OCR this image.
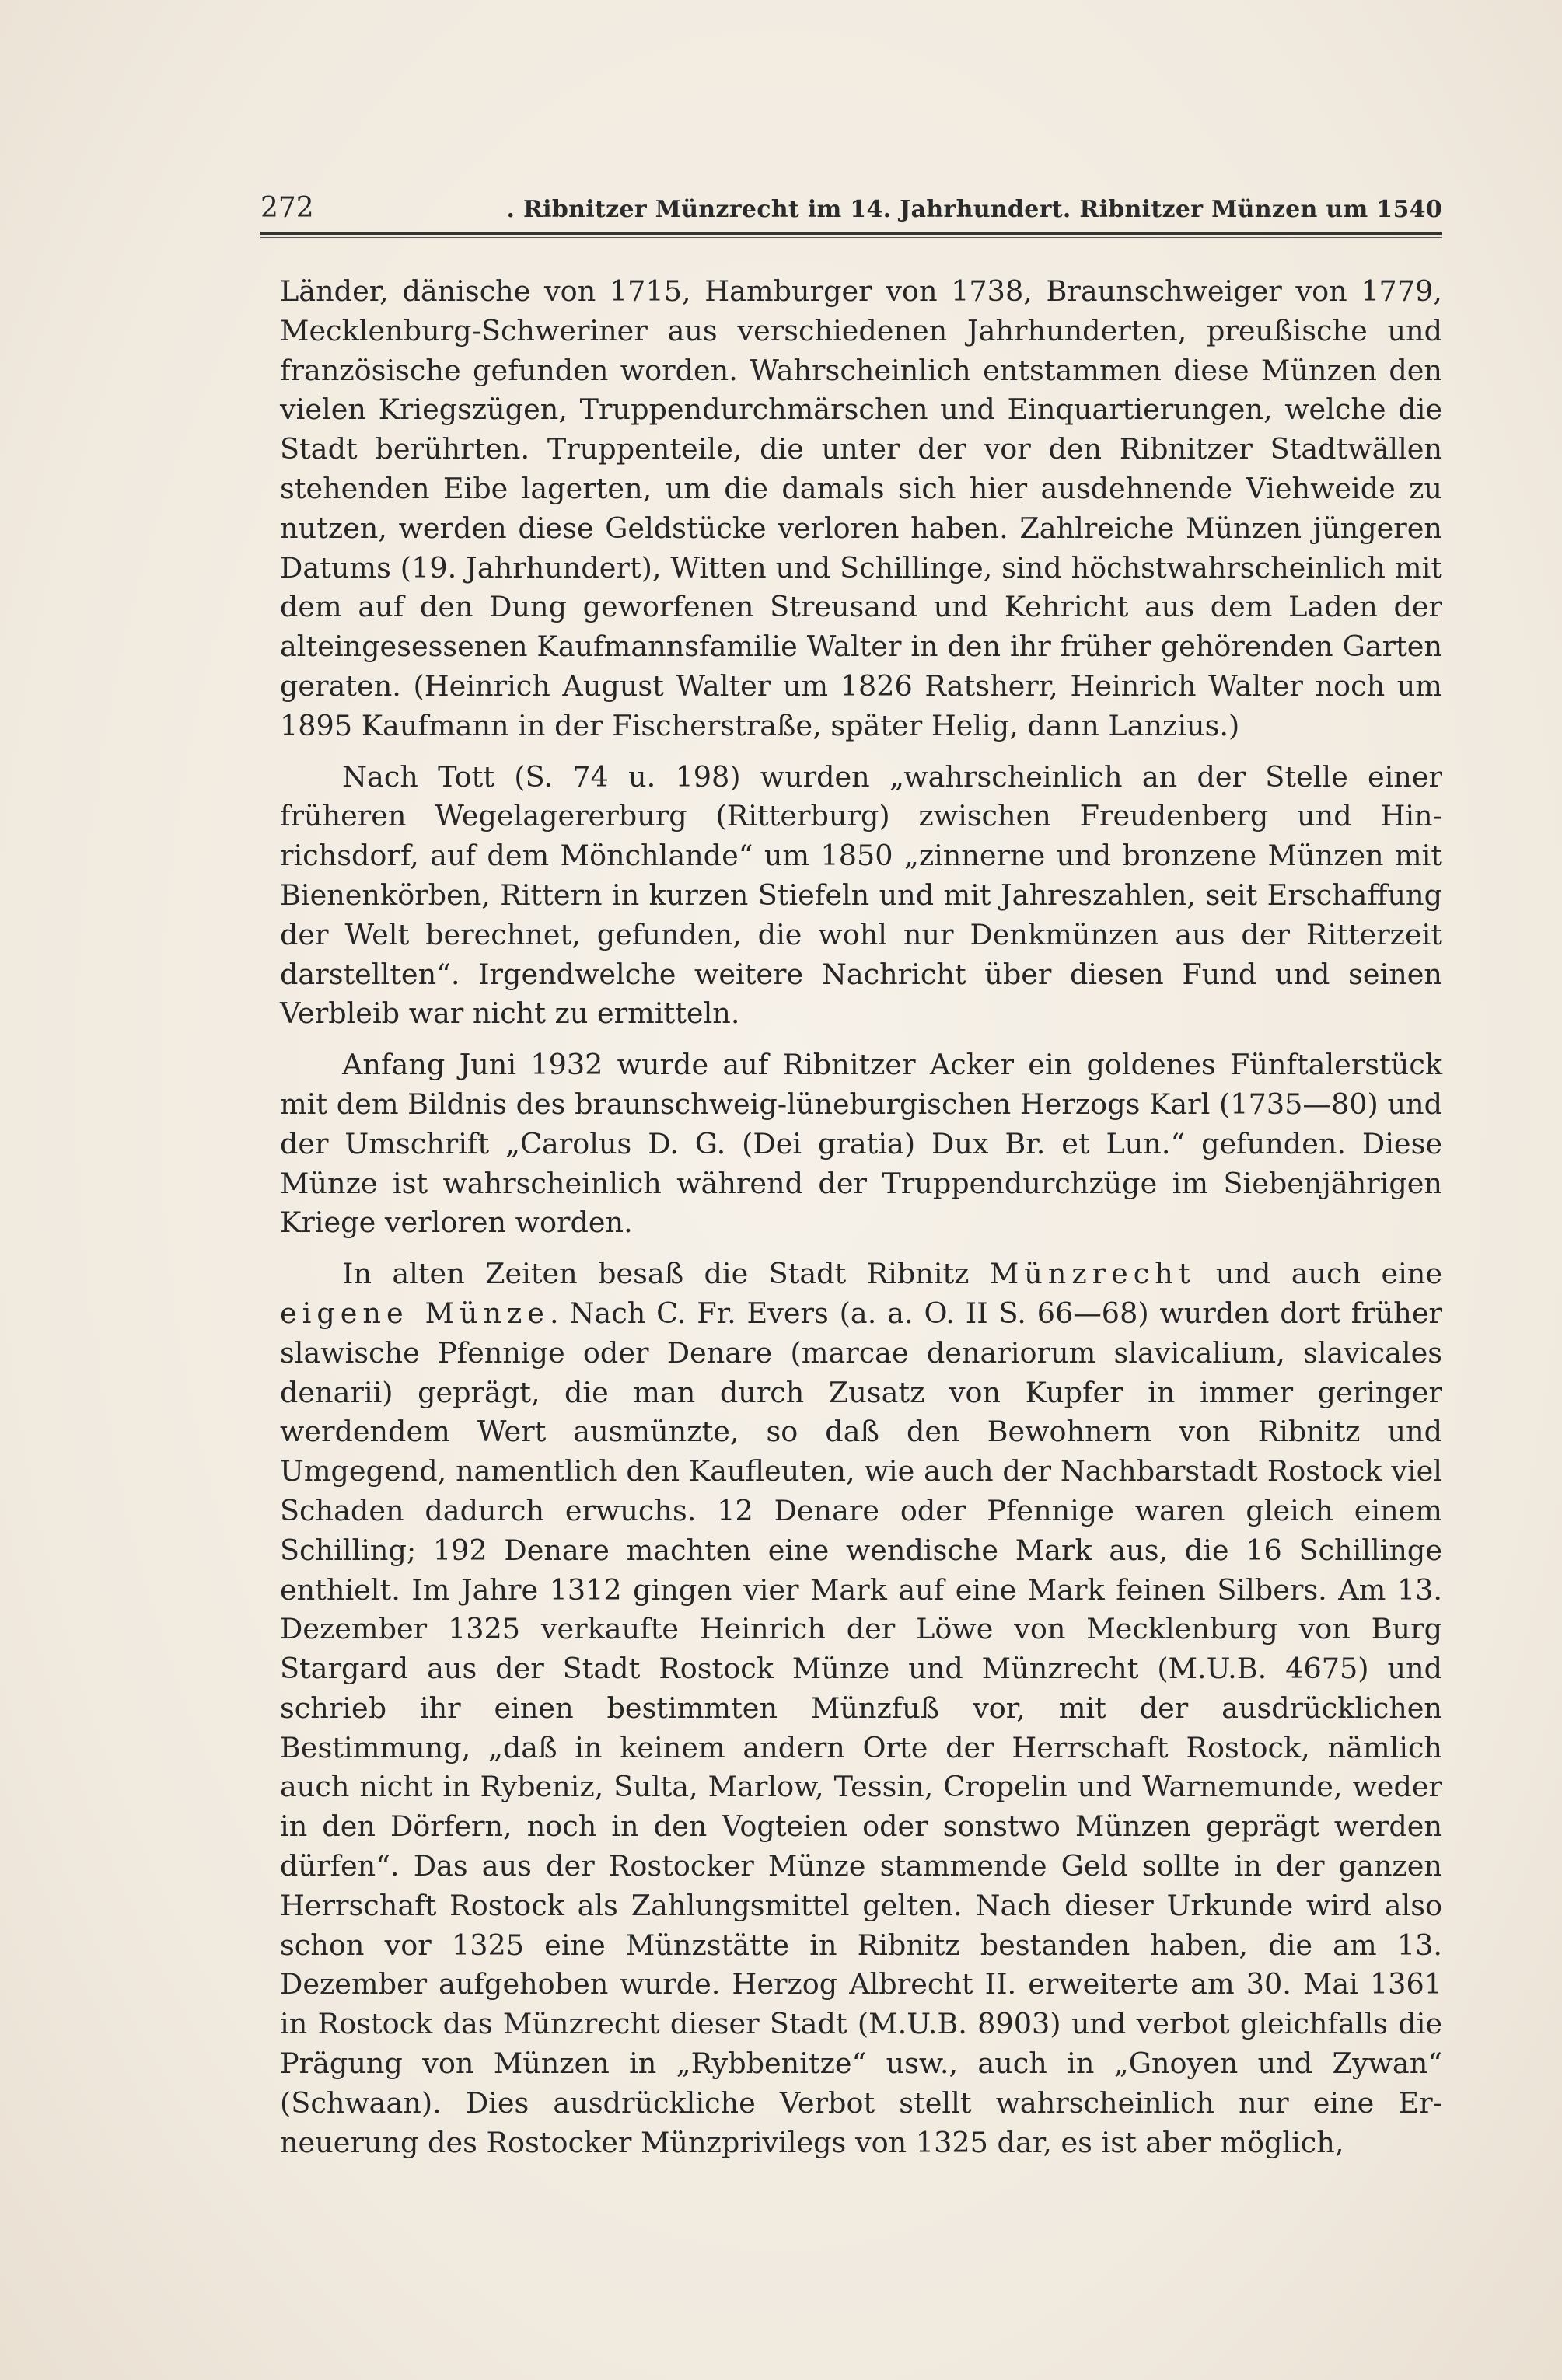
272	. Ribnitzer Münzrecht im 14. Jahrhundert. Ribnitzer Münzen um 1540

Länder, dänische von 1715, Hamburger von 1738, Braunschweiger von 1779, Mecklenburg-Schweriner aus verschiedenen Jahrhunderten, preußische und französische gefunden worden. Wahrscheinlich entstammen diese Münzen den vielen Kriegszügen, Truppendurchmärschen und Einquartierungen, welche die Stadt berührten. Truppenteile, die unter der vor den Ribnitzer Stadtwällen stehenden Eibe lagerten, um die damals sich hier ausdehnende Viehweide zu nutzen, werden diese Geldstücke verloren haben. Zahlreiche Münzen jüngeren Datums (19. Jahrhundert), Witten und Schillinge, sind höchstwahrscheinlich mit dem auf den Dung geworfenen Streusand und Kehricht aus dem Laden der alteingesessenen Kaufmannsfamilie Walter in den ihr früher gehörenden Garten geraten. (Heinrich August Walter um 1826 Ratsherr, Heinrich Walter noch um 1895 Kaufmann in der Fischerstraße, später Helig, dann Lanzius.)

Nach Tott (S. 74 u. 198) wurden „wahrscheinlich an der Stelle einer früheren Wegelagererburg (Ritterburg) zwischen Freudenberg und Hinrichsdorf, auf dem Mönchlande“ um 1850 „zinnerne und bronzene Münzen mit Bienenkörben, Rittern in kurzen Stiefeln und mit Jahreszahlen, seit Erschaffung der Welt berechnet, gefunden, die wohl nur Denkmünzen aus der Ritterzeit darstellten“. Irgendwelche weitere Nachricht über diesen Fund und seinen Verbleib war nicht zu ermitteln.

Anfang Juni 1932 wurde auf Ribnitzer Acker ein goldenes Fünftalerstück mit dem Bildnis des braunschweig-lüneburgischen Herzogs Karl (1735—80) und der Umschrift „Carolus D. G. (Dei gratia) Dux Br. et Lun.“ gefunden. Diese Münze ist wahrscheinlich während der Truppendurchzüge im Siebenjährigen Kriege verloren worden.

In alten Zeiten besaß die Stadt Ribnitz Münzrecht und auch eine eigene Münze. Nach C. Fr. Evers (a. a. O. II S. 66—68) wurden dort früher slawische Pfennige oder Denare (marcae denariorum slavicalium, slavicales denarii) geprägt, die man durch Zusatz von Kupfer in immer geringer werdendem Wert ausmünzte, so daß den Bewohnern von Ribnitz und Umgegend, namentlich den Kaufleuten, wie auch der Nachbarstadt Rostock viel Schaden dadurch erwuchs. 12 Denare oder Pfennige waren gleich einem Schilling; 192 Denare machten eine wendische Mark aus, die 16 Schillinge enthielt. Im Jahre 1312 gingen vier Mark auf eine Mark feinen Silbers. Am 13. Dezember 1325 verkaufte Heinrich der Löwe von Mecklenburg von Burg Stargard aus der Stadt Rostock Münze und Münzrecht (M.U.B. 4675) und schrieb ihr einen bestimmten Münzfuß vor, mit der ausdrücklichen Bestimmung, „daß in keinem andern Orte der Herrschaft Rostock, nämlich auch nicht in Rybeniz, Sulta, Marlow, Tessin, Cropelin und Warnemunde, weder in den Dörfern, noch in den Vogteien oder sonstwo Münzen geprägt werden dürfen“. Das aus der Rostocker Münze stammende Geld sollte in der ganzen Herrschaft Rostock als Zahlungsmittel gelten. Nach dieser Urkunde wird also schon vor 1325 eine Münzstätte in Ribnitz bestanden haben, die am 13. Dezember aufgehoben wurde. Herzog Albrecht II. erweiterte am 30. Mai 1361 in Rostock das Münzrecht dieser Stadt (M.U.B. 8903) und verbot gleichfalls die Prägung von Münzen in „Rybbenitze“ usw., auch in „Gnoyen und Zywan“ (Schwaan). Dies ausdrückliche Verbot stellt wahrscheinlich nur eine Erneuerung des Rostocker Münzprivilegs von 1325 dar, es ist aber möglich,
